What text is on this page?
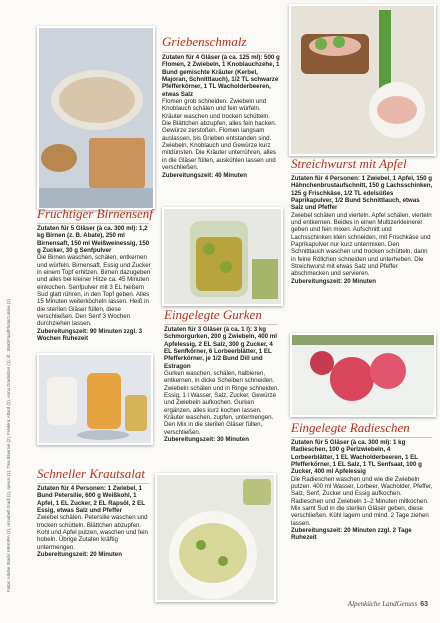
Griebenschmalz
Zutaten für 4 Gläser (à ca. 125 ml): 500 g Flomen, 2 Zwiebeln, 1 Knoblauchzehe, 1 Bund gemischte Kräuter (Kerbel, Majoran, Schnittlauch), 1/2 TL schwarze Pfefferkörner, 1 TL Wacholderbeeren, etwas Salz
Flomen grob schneiden. Zwiebeln und Knoblauch schälen und fein würfeln. Kräuter waschen und trocken schütteln. Die Blättchen abzupfen, alles fein hacken. Gewürze zerstoßen. Flomen langsam auslassen, bis Grieben entstanden sind. Zwiebeln, Knoblauch und Gewürze kurz mitdünsten. Die Kräuter unterrühren, alles in die Gläser füllen, auskühlen lassen und verschließen.
Zubereitungszeit: 40 Minuten
Streichwurst mit Apfel
Zutaten für 4 Personen: 1 Zwiebel, 1 Apfel, 150 g Hähnchenbrustaufschnitt, 150 g Lachsschinken, 125 g Frischkäse, 1/2 TL edelsüßes Paprikapulver, 1/2 Bund Schnittlauch, etwas Salz und Pfeffer
Zwiebel schälen und vierteln. Apfel schälen, vierteln und entkernen. Beides in einen Multizerkleinerer geben und fein mixen. Aufschnitt und Lachsschinken klein schneiden, mit Frischkäse und Paprikapulver nur kurz untermixen. Den Schnittlauch waschen und trocken schütteln, dann in feine Röllchen schneiden und unterheben. Die Streichwurst mit etwas Salz und Pfeffer abschmecken und servieren.
Zubereitungszeit: 20 Minuten
Fruchtiger Birnensenf
Zutaten für 5 Gläser (à ca. 300 ml): 1,2 kg Birnen (z. B. Abate), 250 ml Birnensaft, 150 ml Weißweinessig, 150 g Zucker, 30 g Senfpulver
Die Birnen waschen, schälen, entkernen und würfeln. Birnensaft, Essig und Zucker in einem Topf erhitzen. Birnen dazugeben und alles bei kleiner Hitze ca. 45 Minuten einkochen. Senfpulver mit 3 EL heißem Sud glatt rühren, in den Topf geben. Alles 15 Minuten weiterköcheln lassen. Heiß in die sterilen Gläser füllen, diese verschließen. Den Senf 3 Wochen durchziehen lassen.
Zubereitungszeit: 90 Minuten zzgl. 3 Wochen Ruhezeit
Eingelegte Gurken
Zutaten für 3 Gläser (à ca. 1 l): 3 kg Schmorgurken, 200 g Zwiebeln, 400 ml Apfelessig, 2 EL Salz, 300 g Zucker, 4 EL Senfkörner, 6 Lorbeerblätter, 1 EL Pfefferkörner, je 1/2 Bund Dill und Estragon
Gurken waschen, schälen, halbieren, entkernen, in dicke Scheiben schneiden. Zwiebeln schälen und in Ringe schneiden. Essig, 1 l Wasser, Salz, Zucker, Gewürze und Zwiebeln aufkochen. Gurken ergänzen, alles kurz kochen lassen. Kräuter waschen, zupfen, untermengen. Den Mix in die sterilen Gläser füllen, verschließen.
Zubereitungszeit: 30 Minuten
Eingelegte Radieschen
Zutaten für 5 Gläser (à ca. 300 ml): 1 kg Radieschen, 100 g Perlzwiebeln, 4 Lorbeerblätter, 1 EL Wacholderbeeren, 1 EL Pfefferkörner, 1 EL Salz, 1 TL Senfsaat, 100 g Zucker, 400 ml Apfelessig
Die Radieschen waschen und wie die Zwiebeln putzen. 400 ml Wasser, Lorbeer, Wacholder, Pfeffer, Salz, Senf, Zucker und Essig aufkochen. Radieschen und Zwiebeln 1–2 Minuten mitkochen. Mix samt Sud in die sterilen Gläser geben, diese verschließen. Kühl lagern und mind. 2 Tage ziehen lassen.
Zubereitungszeit: 20 Minuten zzgl. 2 Tage Ruhezeit
Schneller Krautsalat
Zutaten für 4 Personen: 1 Zwiebel, 1 Bund Petersilie, 600 g Weißkohl, 1 Apfel, 1 EL Zucker, 2 EL Rapsöl, 2 EL Essig, etwas Salz und Pfeffer
Zwiebel schälen. Petersilie waschen und trocken schütteln. Blättchen abzupfen. Kohl und Apfel putzen, waschen und fein hobeln. Übrige Zutaten kräftig untermengen.
Zubereitungszeit: 20 Minuten
Fotos: Adobe Stock/ HIKKIRA (1), Annabell Gradl (1), sjesus (1), Tina Bluemel (2), Frédéric Attard (2), Anna Grodnitzer (1); ill.: StockFoodPhotoCuisine (1)
Alpenküche LandGenuss 63
